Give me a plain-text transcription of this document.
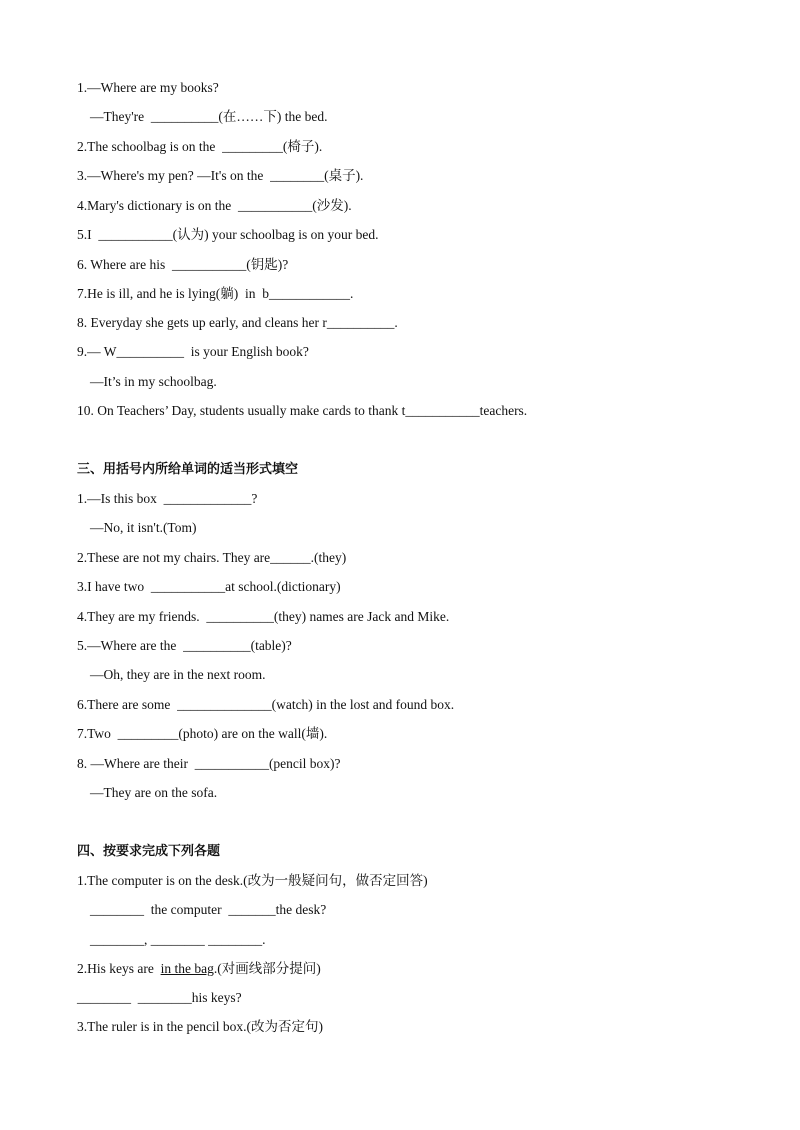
1.—Where are my books?
—They're  __________(在……下) the bed.
2.The schoolbag is on the  _________(椅子).
3.—Where's my pen? —It's on the  ________(桌子).
4.Mary's dictionary is on the  ___________(沙发).
5.I  ___________(认为) your schoolbag is on your bed.
6. Where are his  ___________(钥匙)?
7.He is ill, and he is lying(躺)  in  b____________.
8. Everyday she gets up early, and cleans her r__________.
9.— W__________  is your English book?
—It’s in my schoolbag.
10. On Teachers’ Day, students usually make cards to thank t___________teachers.
三、用括号内所给单词的适当形式填空
1.—Is this box  _____________?
—No, it isn't.(Tom)
2.These are not my chairs. They are______.(they)
3.I have two  ___________at school.(dictionary)
4.They are my friends.  __________(they) names are Jack and Mike.
5.—Where are the  __________(table)?
—Oh, they are in the next room.
6.There are some  ______________(watch) in the lost and found box.
7.Two  _________(photo) are on the wall(墙).
8. —Where are their  ___________(pencil box)?
—They are on the sofa.
四、按要求完成下列各题
1.The computer is on the desk.(改为一般疑问句，做否定回答)
________  the computer  _______the desk?
________, ________ ________.
2.His keys are  in the bag.(对画线部分提问)
________  ________his keys?
3.The ruler is in the pencil box.(改为否定句)
